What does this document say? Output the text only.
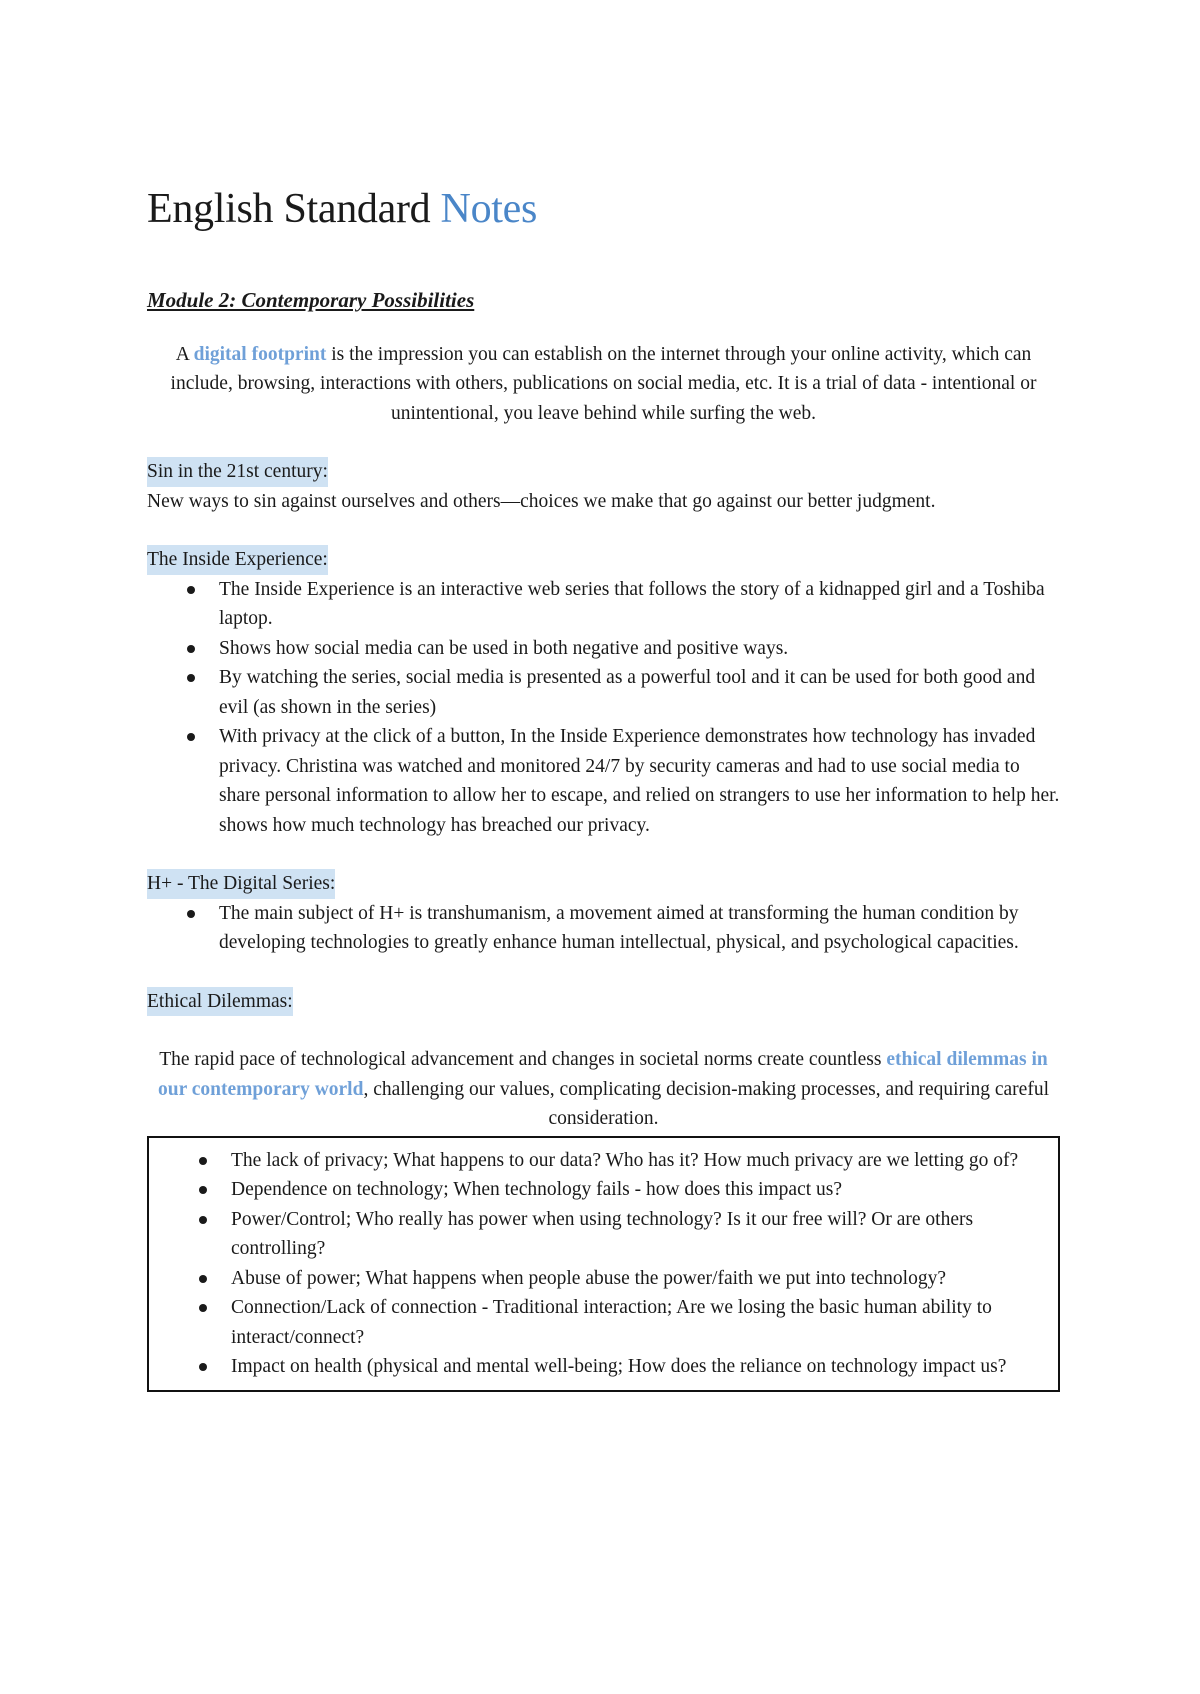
English Standard Notes
Module 2: Contemporary Possibilities

A digital footprint is the impression you can establish on the internet through your online activity, which can include, browsing, interactions with others, publications on social media, etc. It is a trial of data - intentional or unintentional, you leave behind while surfing the web.

Sin in the 21st century:

New ways to sin against ourselves and others—choices we make that go against our better judgment.

The Inside Experience:
The Inside Experience is an interactive web series that follows the story of a kidnapped girl and a Toshiba laptop.
Shows how social media can be used in both negative and positive ways.
By watching the series, social media is presented as a powerful tool and it can be used for both good and evil (as shown in the series)
With privacy at the click of a button, In the Inside Experience demonstrates how technology has invaded privacy. Christina was watched and monitored 24/7 by security cameras and had to use social media to share personal information to allow her to escape, and relied on strangers to use her information to help her. shows how much technology has breached our privacy.
H+ - The Digital Series:
The main subject of H+ is transhumanism, a movement aimed at transforming the human condition by developing technologies to greatly enhance human intellectual, physical, and psychological capacities.
Ethical Dilemmas:

The rapid pace of technological advancement and changes in societal norms create countless ethical dilemmas in our contemporary world, challenging our values, complicating decision-making processes, and requiring careful consideration.

The lack of privacy; What happens to our data? Who has it? How much privacy are we letting go of?
Dependence on technology; When technology fails - how does this impact us?
Power/Control; Who really has power when using technology? Is it our free will? Or are others controlling?
Abuse of power; What happens when people abuse the power/faith we put into technology?
Connection/Lack of connection - Traditional interaction; Are we losing the basic human ability to interact/connect?
Impact on health (physical and mental well-being; How does the reliance on technology impact us?
